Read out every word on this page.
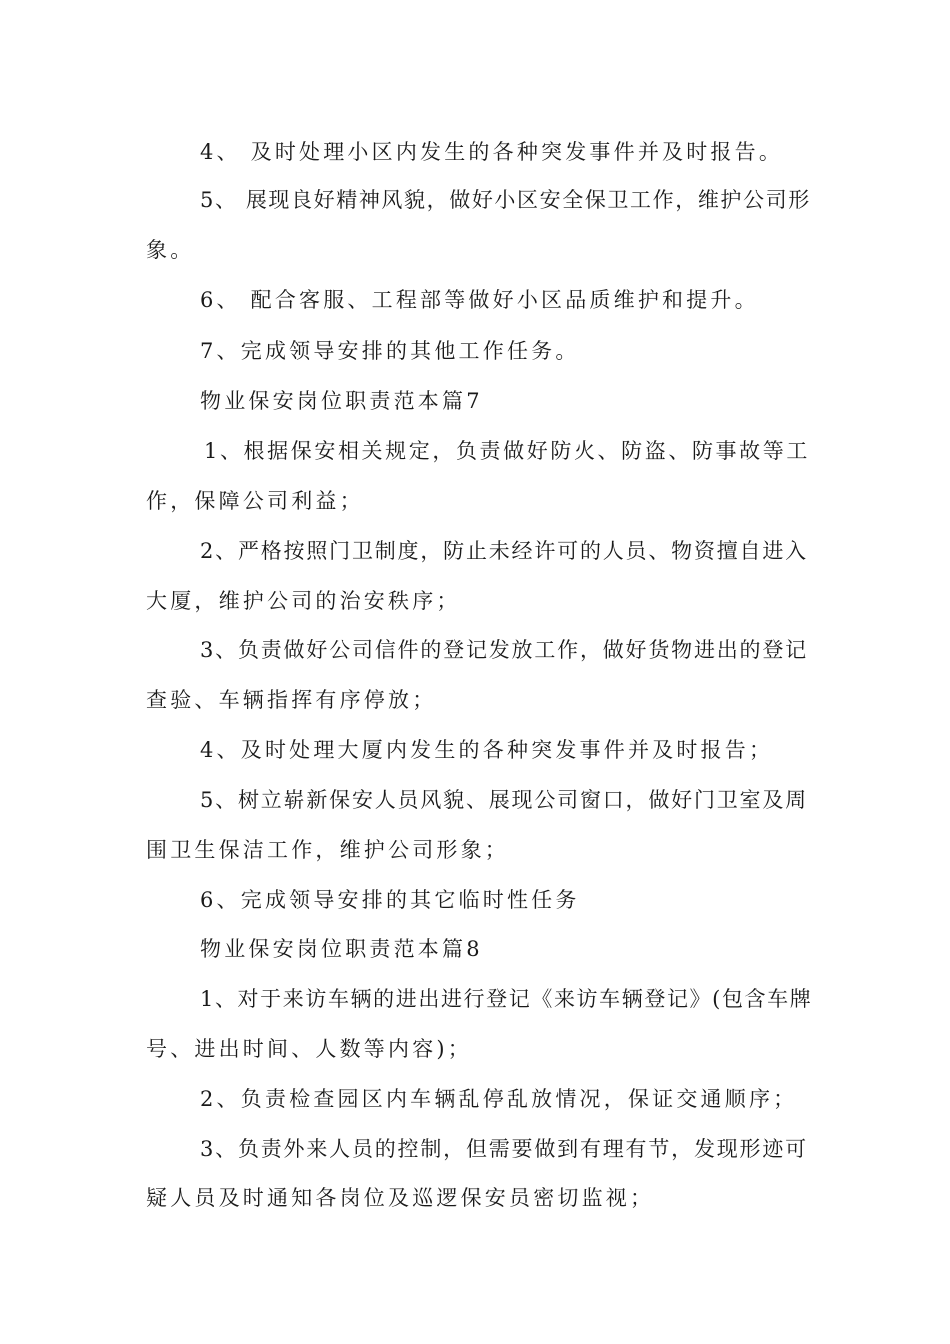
4、 及时处理小区内发生的各种突发事件并及时报告。
5、 展现良好精神风貌，做好小区安全保卫工作，维护公司形
象。
6、 配合客服、工程部等做好小区品质维护和提升。
7、完成领导安排的其他工作任务。
物业保安岗位职责范本篇7
1、根据保安相关规定，负责做好防火、防盗、防事故等工
作，保障公司利益；
2、严格按照门卫制度，防止未经许可的人员、物资擅自进入
大厦，维护公司的治安秩序；
3、负责做好公司信件的登记发放工作，做好货物进出的登记
查验、车辆指挥有序停放；
4、及时处理大厦内发生的各种突发事件并及时报告；
5、树立崭新保安人员风貌、展现公司窗口，做好门卫室及周
围卫生保洁工作，维护公司形象；
6、完成领导安排的其它临时性任务
物业保安岗位职责范本篇8
1、对于来访车辆的进出进行登记《来访车辆登记》(包含车牌
号、进出时间、人数等内容)；
2、负责检查园区内车辆乱停乱放情况，保证交通顺序；
3、负责外来人员的控制，但需要做到有理有节，发现形迹可
疑人员及时通知各岗位及巡逻保安员密切监视；
